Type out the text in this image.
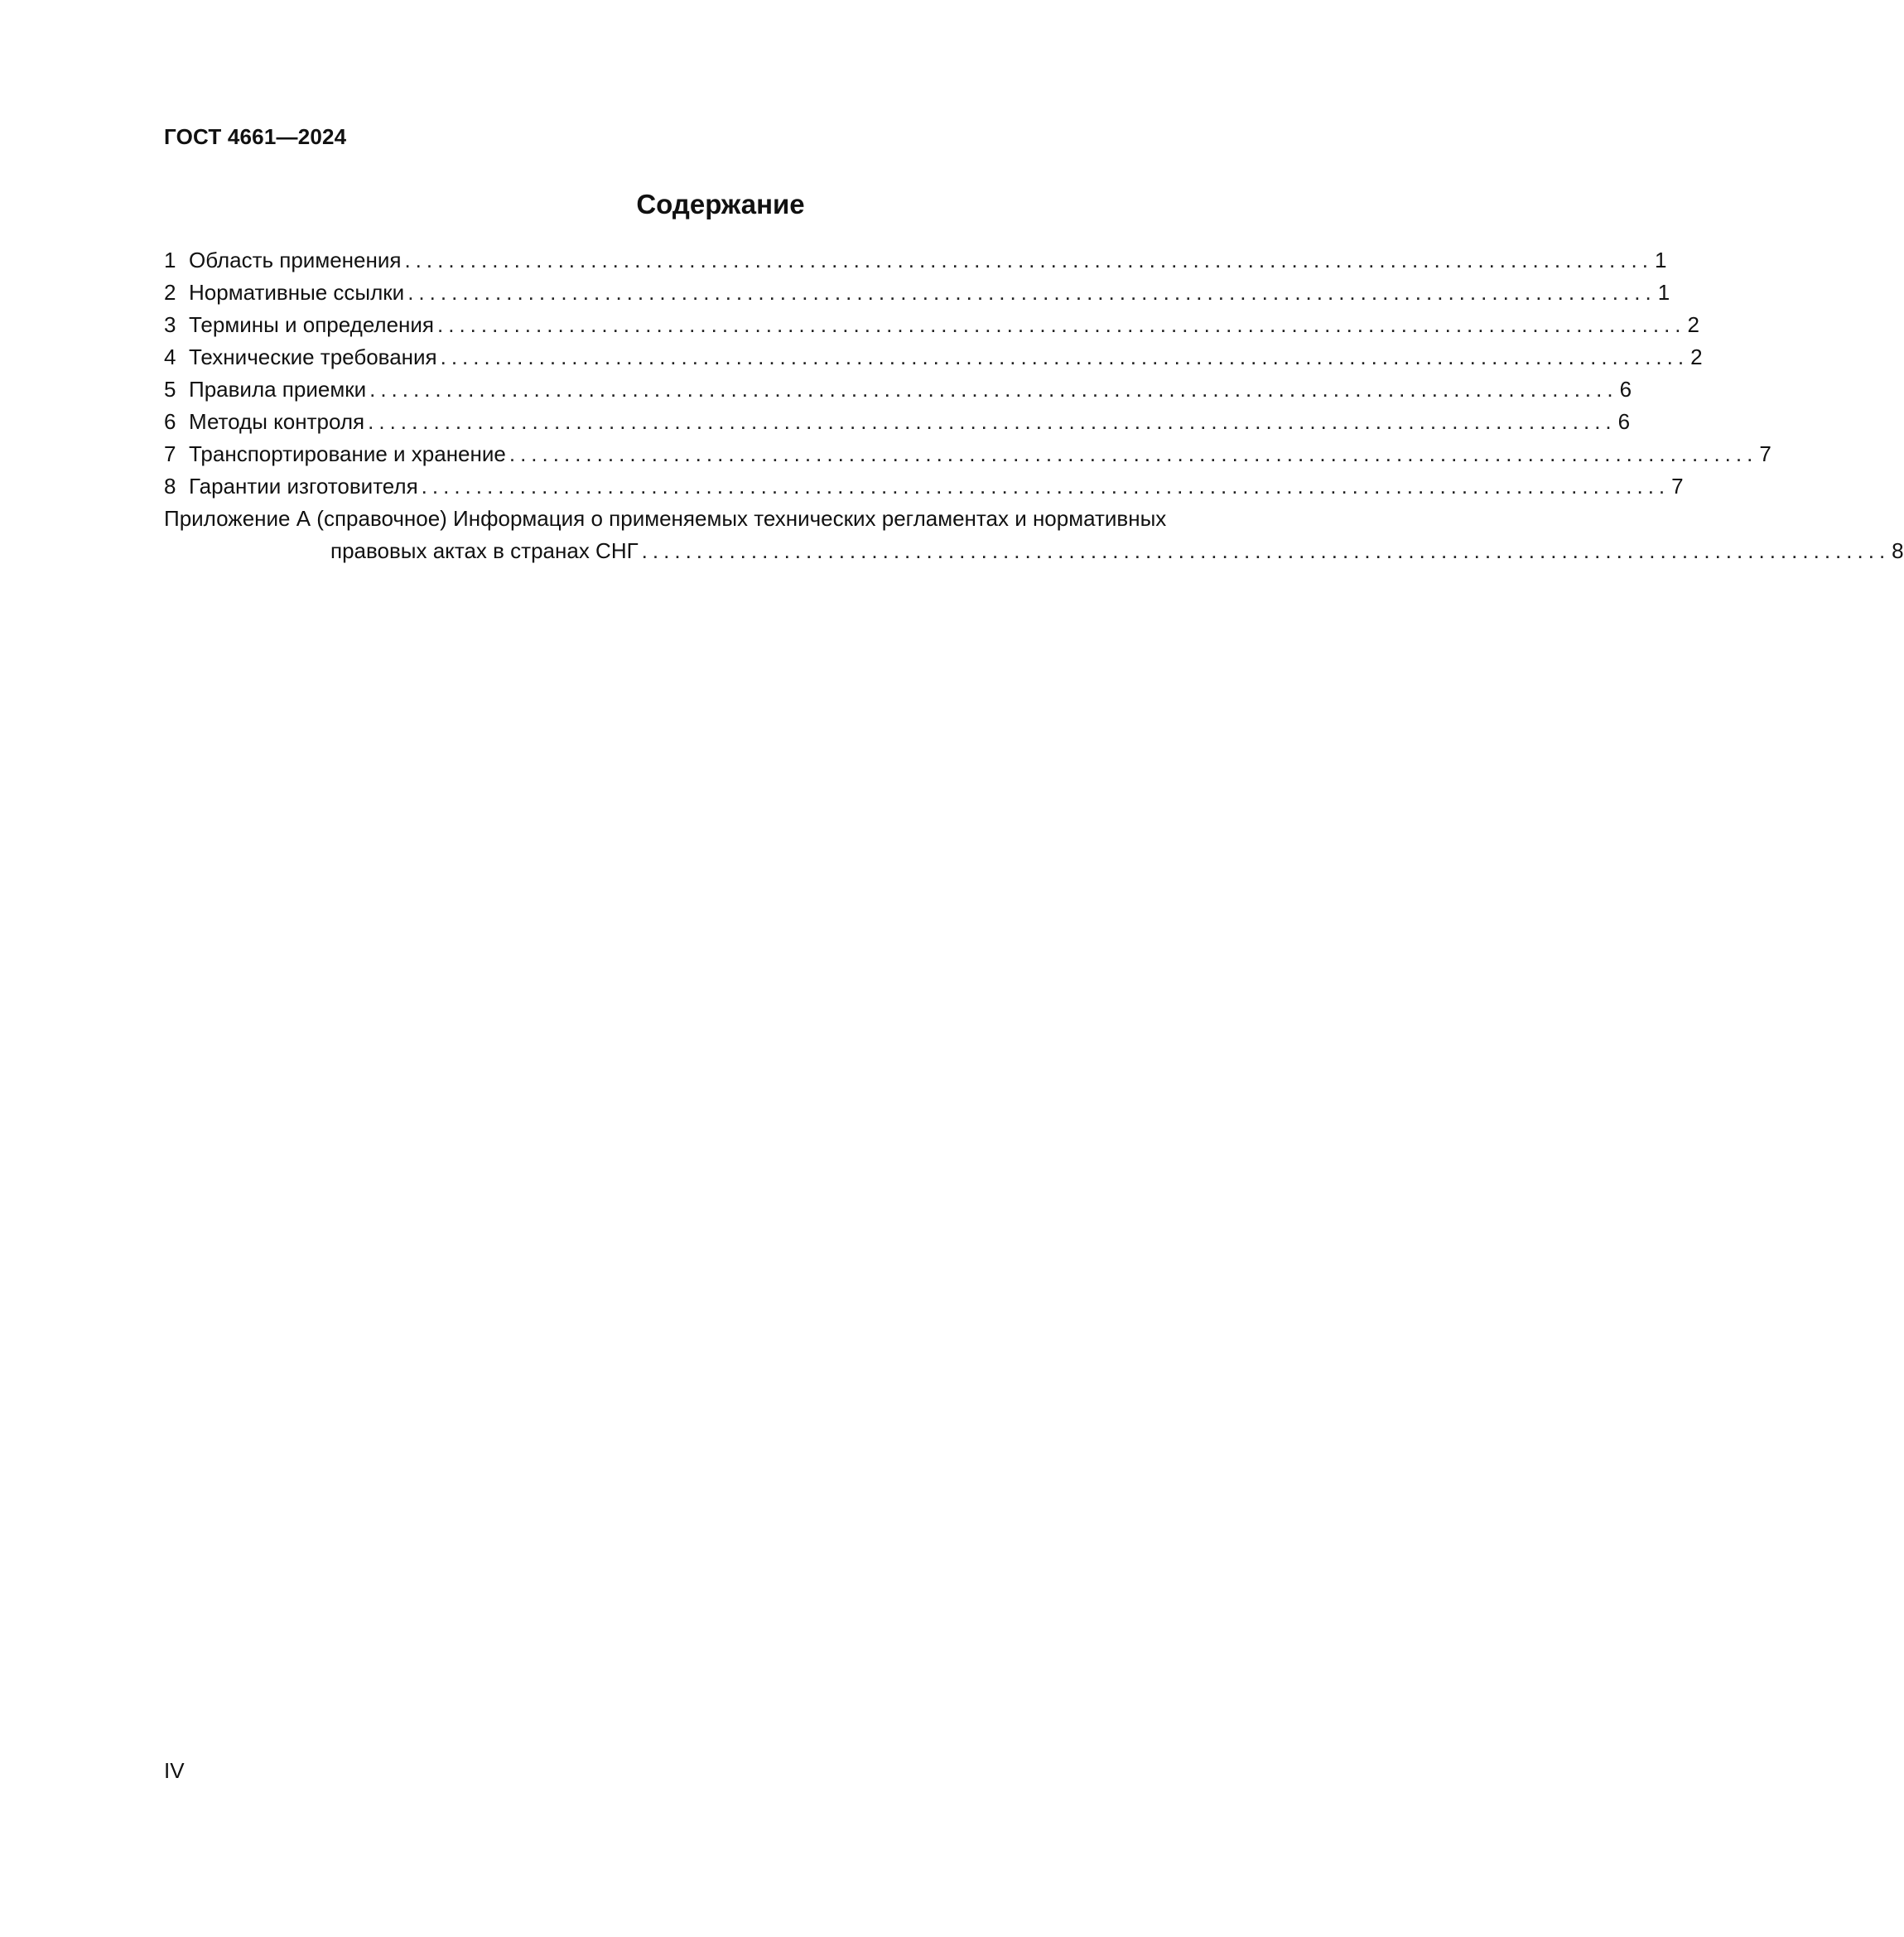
ГОСТ 4661—2024
Содержание
1 Область применения .................................................................................................................. 1
2 Нормативные ссылки .................................................................................................................. 1
3 Термины и определения .................................................................................................................. 2
4 Технические требования .................................................................................................................. 2
5 Правила приемки .................................................................................................................. 6
6 Методы контроля .................................................................................................................. 6
7 Транспортирование и хранение .................................................................................................................. 7
8 Гарантии изготовителя .................................................................................................................. 7
Приложение А (справочное) Информация о применяемых технических регламентах и нормативных
правовых актах в странах СНГ .................................................................................................................. 8
IV
